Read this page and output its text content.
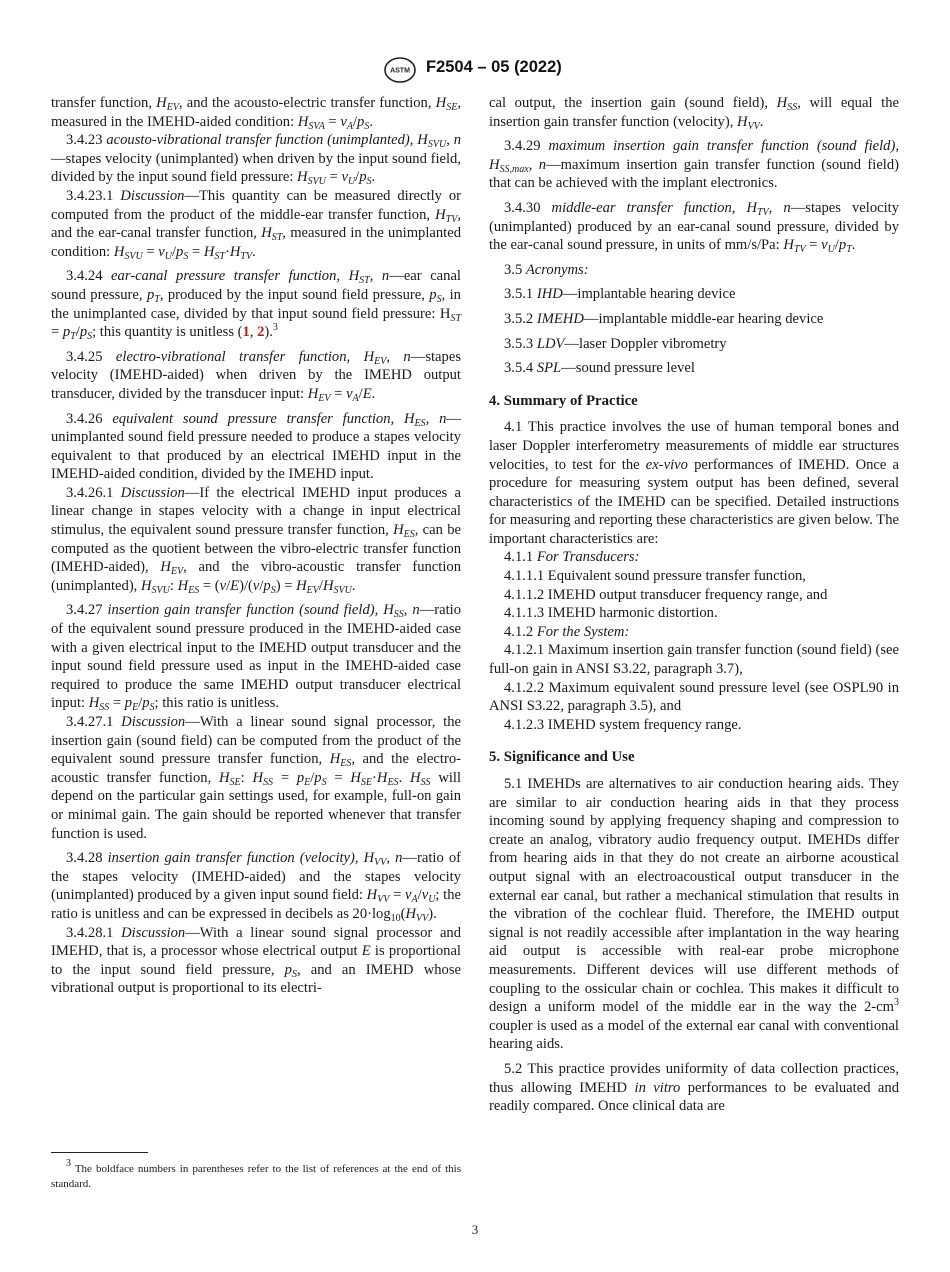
ASTM F2504 – 05 (2022)

transfer function, $H_{EV}$, and the acousto-electric transfer function, $H_{SE}$, measured in the IMEHD-aided condition: $H_{SVA} = v_A/p_S$.

3.4.23 acousto-vibrational transfer function (unimplanted), $H_{SVU}$, n—stapes velocity (unimplanted) when driven by the input sound field, divided by the input sound field pressure: $H_{SVU} = v_U/p_S$.

3.4.23.1 Discussion—This quantity can be measured directly or computed from the product of the middle-ear transfer function, $H_{TV}$, and the ear-canal transfer function, $H_{ST}$, measured in the unimplanted condition: $H_{SVU} = v_U/p_S = H_{ST}\cdot H_{TV}$.

3.4.24 ear-canal pressure transfer function, $H_{ST}$, n—ear canal sound pressure, $p_T$, produced by the input sound field pressure, $p_S$, in the unimplanted case, divided by that input sound field pressure: $H_{ST} = p_T/p_S$; this quantity is unitless (1, 2).$^3$

3.4.25 electro-vibrational transfer function, $H_{EV}$, n—stapes velocity (IMEHD-aided) when driven by the IMEHD output transducer, divided by the transducer input: $H_{EV} = v_A/E$.

3.4.26 equivalent sound pressure transfer function, $H_{ES}$, n—unimplanted sound field pressure needed to produce a stapes velocity equivalent to that produced by an electrical IMEHD input in the IMEHD-aided condition, divided by the IMEHD input.

3.4.26.1 Discussion—If the electrical IMEHD input produces a linear change in stapes velocity with a change in input electrical stimulus, the equivalent sound pressure transfer function, $H_{ES}$, can be computed as the quotient between the vibro-electric transfer function (IMEHD-aided), $H_{EV}$, and the vibro-acoustic transfer function (unimplanted), $H_{SVU}$: $H_{ES} = (v/E)/(v/p_S) = H_{EV}/H_{SVU}$.

3.4.27 insertion gain transfer function (sound field), $H_{SS}$, n—ratio of the equivalent sound pressure produced in the IMEHD-aided case with a given electrical input to the IMEHD output transducer and the input sound field pressure used as input in the IMEHD-aided case required to produce the same IMEHD output transducer electrical input: $H_{SS} = p_E/p_S$; this ratio is unitless.

3.4.27.1 Discussion—With a linear sound signal processor, the insertion gain (sound field) can be computed from the product of the equivalent sound pressure transfer function, $H_{ES}$, and the electro-acoustic transfer function, $H_{SE}$: $H_{SS} = p_E/p_S = H_{SE}\cdot H_{ES}$. $H_{SS}$ will depend on the particular gain settings used, for example, full-on gain or minimal gain. The gain should be reported whenever that transfer function is used.

3.4.28 insertion gain transfer function (velocity), $H_{VV}$, n—ratio of the stapes velocity (IMEHD-aided) and the stapes velocity (unimplanted) produced by a given input sound field: $H_{VV} = v_A/v_U$; the ratio is unitless and can be expressed in decibels as $20\cdot\log_{10}(H_{VV})$.

3.4.28.1 Discussion—With a linear sound signal processor and IMEHD, that is, a processor whose electrical output E is proportional to the input sound field pressure, $p_S$, and an IMEHD whose vibrational output is proportional to its electri-

cal output, the insertion gain (sound field), $H_{SS}$, will equal the insertion gain transfer function (velocity), $H_{VV}$.

3.4.29 maximum insertion gain transfer function (sound field), $H_{SS,max}$, n—maximum insertion gain transfer function (sound field) that can be achieved with the implant electronics.

3.4.30 middle-ear transfer function, $H_{TV}$, n—stapes velocity (unimplanted) produced by an ear-canal sound pressure, divided by the ear-canal sound pressure, in units of mm/s/Pa: $H_{TV} = v_U/p_T$.

3.5 Acronyms:

3.5.1 IHD—implantable hearing device

3.5.2 IMEHD—implantable middle-ear hearing device

3.5.3 LDV—laser Doppler vibrometry

3.5.4 SPL—sound pressure level

4. Summary of Practice

4.1 This practice involves the use of human temporal bones and laser Doppler interferometry measurements of middle ear structures velocities, to test for the ex-vivo performances of IMEHD. Once a procedure for measuring system output has been defined, several characteristics of the IMEHD can be specified. Detailed instructions for measuring and reporting these characteristics are given below. The important characteristics are:

4.1.1 For Transducers:

4.1.1.1 Equivalent sound pressure transfer function,

4.1.1.2 IMEHD output transducer frequency range, and

4.1.1.3 IMEHD harmonic distortion.

4.1.2 For the System:

4.1.2.1 Maximum insertion gain transfer function (sound field) (see full-on gain in ANSI S3.22, paragraph 3.7),

4.1.2.2 Maximum equivalent sound pressure level (see OSPL90 in ANSI S3.22, paragraph 3.5), and

4.1.2.3 IMEHD system frequency range.

5. Significance and Use

5.1 IMEHDs are alternatives to air conduction hearing aids. They are similar to air conduction hearing aids in that they process incoming sound by applying frequency shaping and compression to create an analog, vibratory audio frequency output. IMEHDs differ from hearing aids in that they do not create an airborne acoustical output signal with an electroacoustical output transducer in the external ear canal, but rather a mechanical stimulation that results in the vibration of the cochlear fluid. Therefore, the IMEHD output signal is not readily accessible after implantation in the way hearing aid output is accessible with real-ear probe microphone measurements. Different devices will use different methods of coupling to the ossicular chain or cochlea. This makes it difficult to design a uniform model of the middle ear in the way the $2-cm^3$ coupler is used as a model of the external ear canal with conventional hearing aids.

5.2 This practice provides uniformity of data collection practices, thus allowing IMEHD in vitro performances to be evaluated and readily compared. Once clinical data are

$^3$ The boldface numbers in parentheses refer to the list of references at the end of this standard.

3
